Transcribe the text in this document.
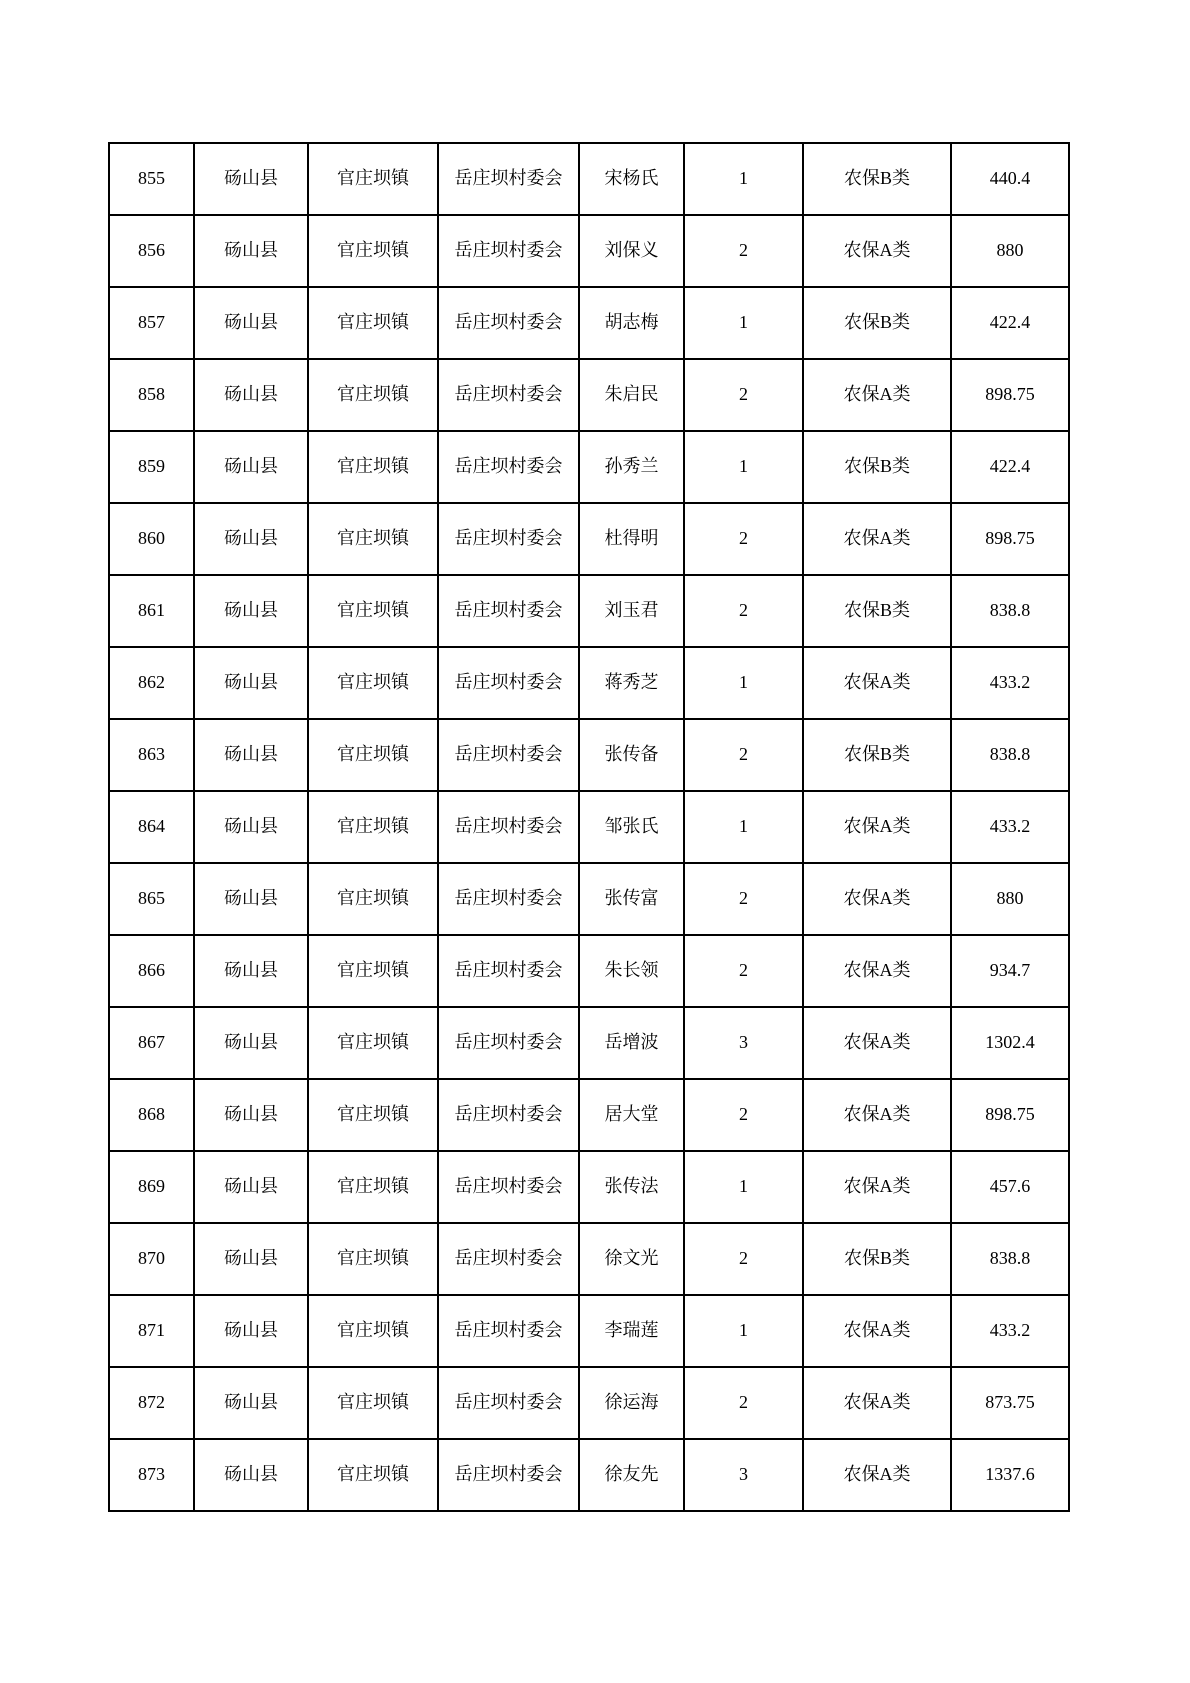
855	砀山县	官庄坝镇	岳庄坝村委会	宋杨氏	1	农保B类	440.4
856	砀山县	官庄坝镇	岳庄坝村委会	刘保义	2	农保A类	880
857	砀山县	官庄坝镇	岳庄坝村委会	胡志梅	1	农保B类	422.4
858	砀山县	官庄坝镇	岳庄坝村委会	朱启民	2	农保A类	898.75
859	砀山县	官庄坝镇	岳庄坝村委会	孙秀兰	1	农保B类	422.4
860	砀山县	官庄坝镇	岳庄坝村委会	杜得明	2	农保A类	898.75
861	砀山县	官庄坝镇	岳庄坝村委会	刘玉君	2	农保B类	838.8
862	砀山县	官庄坝镇	岳庄坝村委会	蒋秀芝	1	农保A类	433.2
863	砀山县	官庄坝镇	岳庄坝村委会	张传备	2	农保B类	838.8
864	砀山县	官庄坝镇	岳庄坝村委会	邹张氏	1	农保A类	433.2
865	砀山县	官庄坝镇	岳庄坝村委会	张传富	2	农保A类	880
866	砀山县	官庄坝镇	岳庄坝村委会	朱长领	2	农保A类	934.7
867	砀山县	官庄坝镇	岳庄坝村委会	岳增波	3	农保A类	1302.4
868	砀山县	官庄坝镇	岳庄坝村委会	居大堂	2	农保A类	898.75
869	砀山县	官庄坝镇	岳庄坝村委会	张传法	1	农保A类	457.6
870	砀山县	官庄坝镇	岳庄坝村委会	徐文光	2	农保B类	838.8
871	砀山县	官庄坝镇	岳庄坝村委会	李瑞莲	1	农保A类	433.2
872	砀山县	官庄坝镇	岳庄坝村委会	徐运海	2	农保A类	873.75
873	砀山县	官庄坝镇	岳庄坝村委会	徐友先	3	农保A类	1337.6
